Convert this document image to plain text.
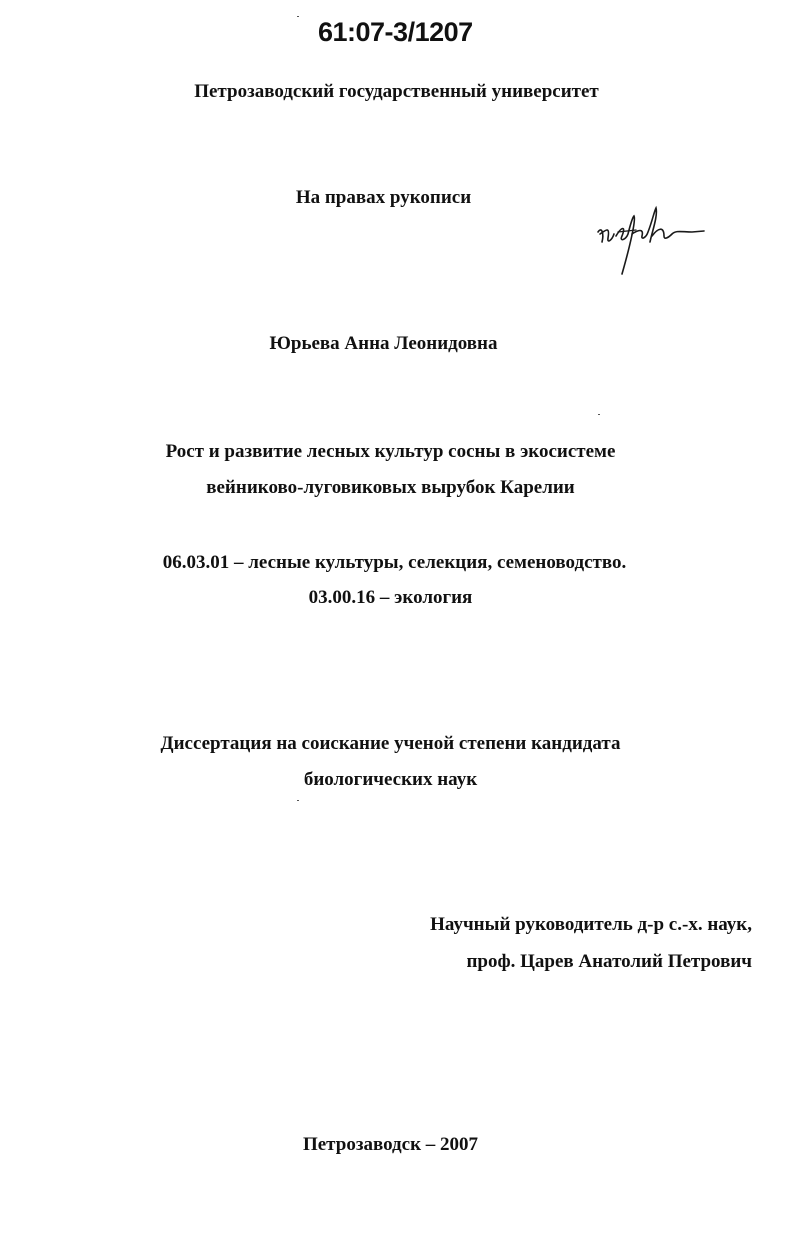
61:07-3/1207
Петрозаводский государственный университет
На правах рукописи
Юрьева Анна Леонидовна
Рост и развитие лесных культур сосны в экосистеме
вейниково-луговиковых вырубок Карелии
06.03.01 – лесные культуры, селекция, семеноводство.
03.00.16 – экология
Диссертация на соискание ученой степени кандидата
биологических наук
Научный руководитель д-р с.-х. наук,
проф. Царев Анатолий Петрович
Петрозаводск – 2007
